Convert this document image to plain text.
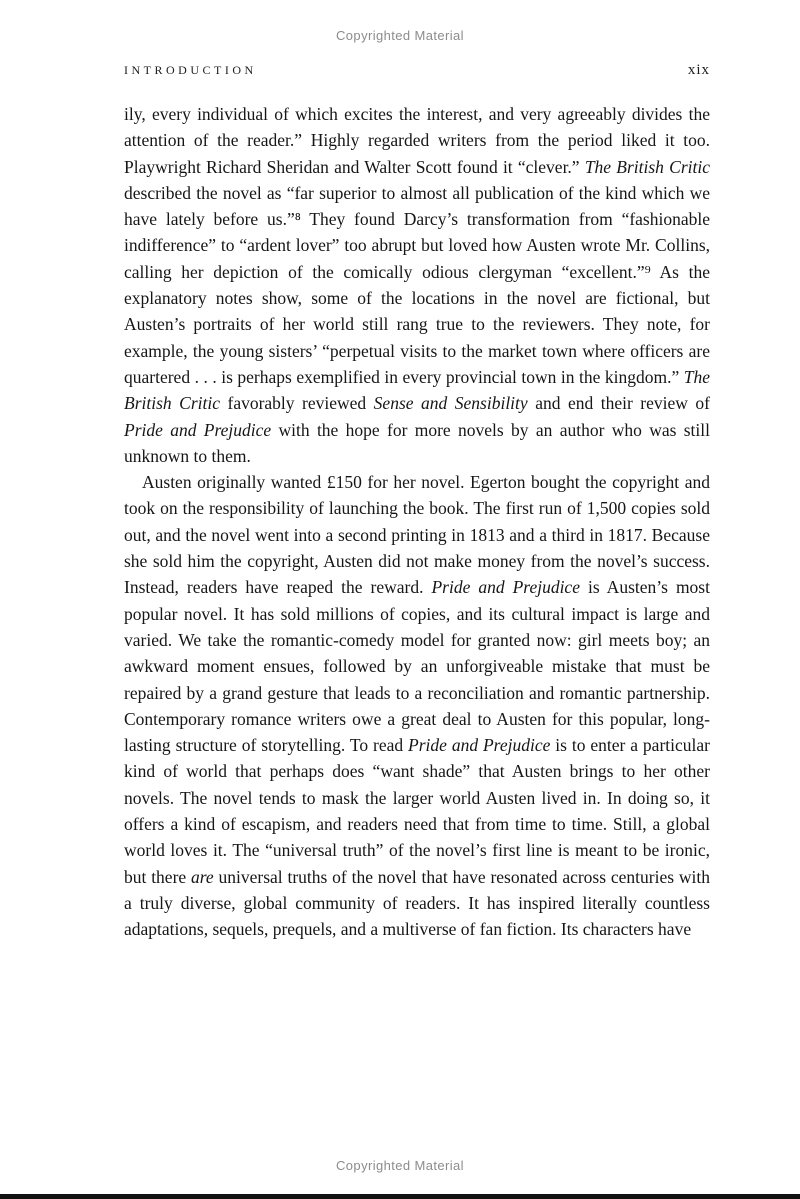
Copyrighted Material
INTRODUCTION	xix

ily, every individual of which excites the interest, and very agreeably divides the attention of the reader.” Highly regarded writers from the period liked it too. Playwright Richard Sheridan and Walter Scott found it “clever.” The British Critic described the novel as “far superior to almost all publication of the kind which we have lately before us.”⁸ They found Darcy’s transformation from “fashionable indifference” to “ardent lover” too abrupt but loved how Austen wrote Mr. Collins, calling her depiction of the comically odious clergyman “excellent.”⁹ As the explanatory notes show, some of the locations in the novel are fictional, but Austen’s portraits of her world still rang true to the reviewers. They note, for example, the young sisters’ “perpetual visits to the market town where officers are quartered . . . is perhaps exemplified in every provincial town in the kingdom.” The British Critic favorably reviewed Sense and Sensibility and end their review of Pride and Prejudice with the hope for more novels by an author who was still unknown to them.

Austen originally wanted £150 for her novel. Egerton bought the copyright and took on the responsibility of launching the book. The first run of 1,500 copies sold out, and the novel went into a second printing in 1813 and a third in 1817. Because she sold him the copyright, Austen did not make money from the novel’s success. Instead, readers have reaped the reward. Pride and Prejudice is Austen’s most popular novel. It has sold millions of copies, and its cultural impact is large and varied. We take the romantic-comedy model for granted now: girl meets boy; an awkward moment ensues, followed by an unforgiveable mistake that must be repaired by a grand gesture that leads to a reconciliation and romantic partnership. Contemporary romance writers owe a great deal to Austen for this popular, long-lasting structure of storytelling. To read Pride and Prejudice is to enter a particular kind of world that perhaps does “want shade” that Austen brings to her other novels. The novel tends to mask the larger world Austen lived in. In doing so, it offers a kind of escapism, and readers need that from time to time. Still, a global world loves it. The “universal truth” of the novel’s first line is meant to be ironic, but there are universal truths of the novel that have resonated across centuries with a truly diverse, global community of readers. It has inspired literally countless adaptations, sequels, prequels, and a multiverse of fan fiction. Its characters have

Copyrighted Material
